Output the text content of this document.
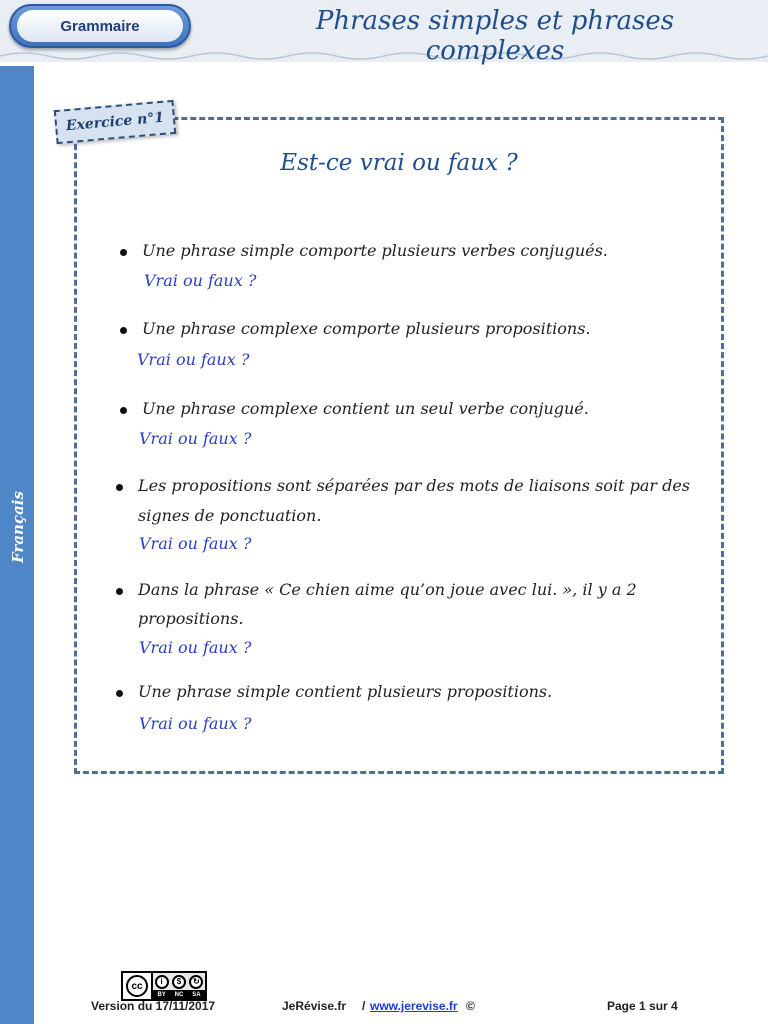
Grammaire	Phrases simples et phrases complexes
Français
Exercice n°1
Est-ce vrai ou faux ?
Une phrase simple comporte plusieurs verbes conjugués.
Vrai ou faux ?
Une phrase complexe comporte plusieurs propositions.
Vrai ou faux ?
Une phrase complexe contient un seul verbe conjugué.
Vrai ou faux ?
Les propositions sont séparées par des mots de liaisons soit par des
signes de ponctuation.
Vrai ou faux ?
Dans la phrase « Ce chien aime qu’on joue avec lui. », il y a 2
propositions.
Vrai ou faux ?
Une phrase simple contient plusieurs propositions.
Vrai ou faux ?
cc	i	$	↻
BY NC SA
Version du 17/11/2017	JeRévise.fr / www.jerevise.fr ©	Page 1 sur 4
